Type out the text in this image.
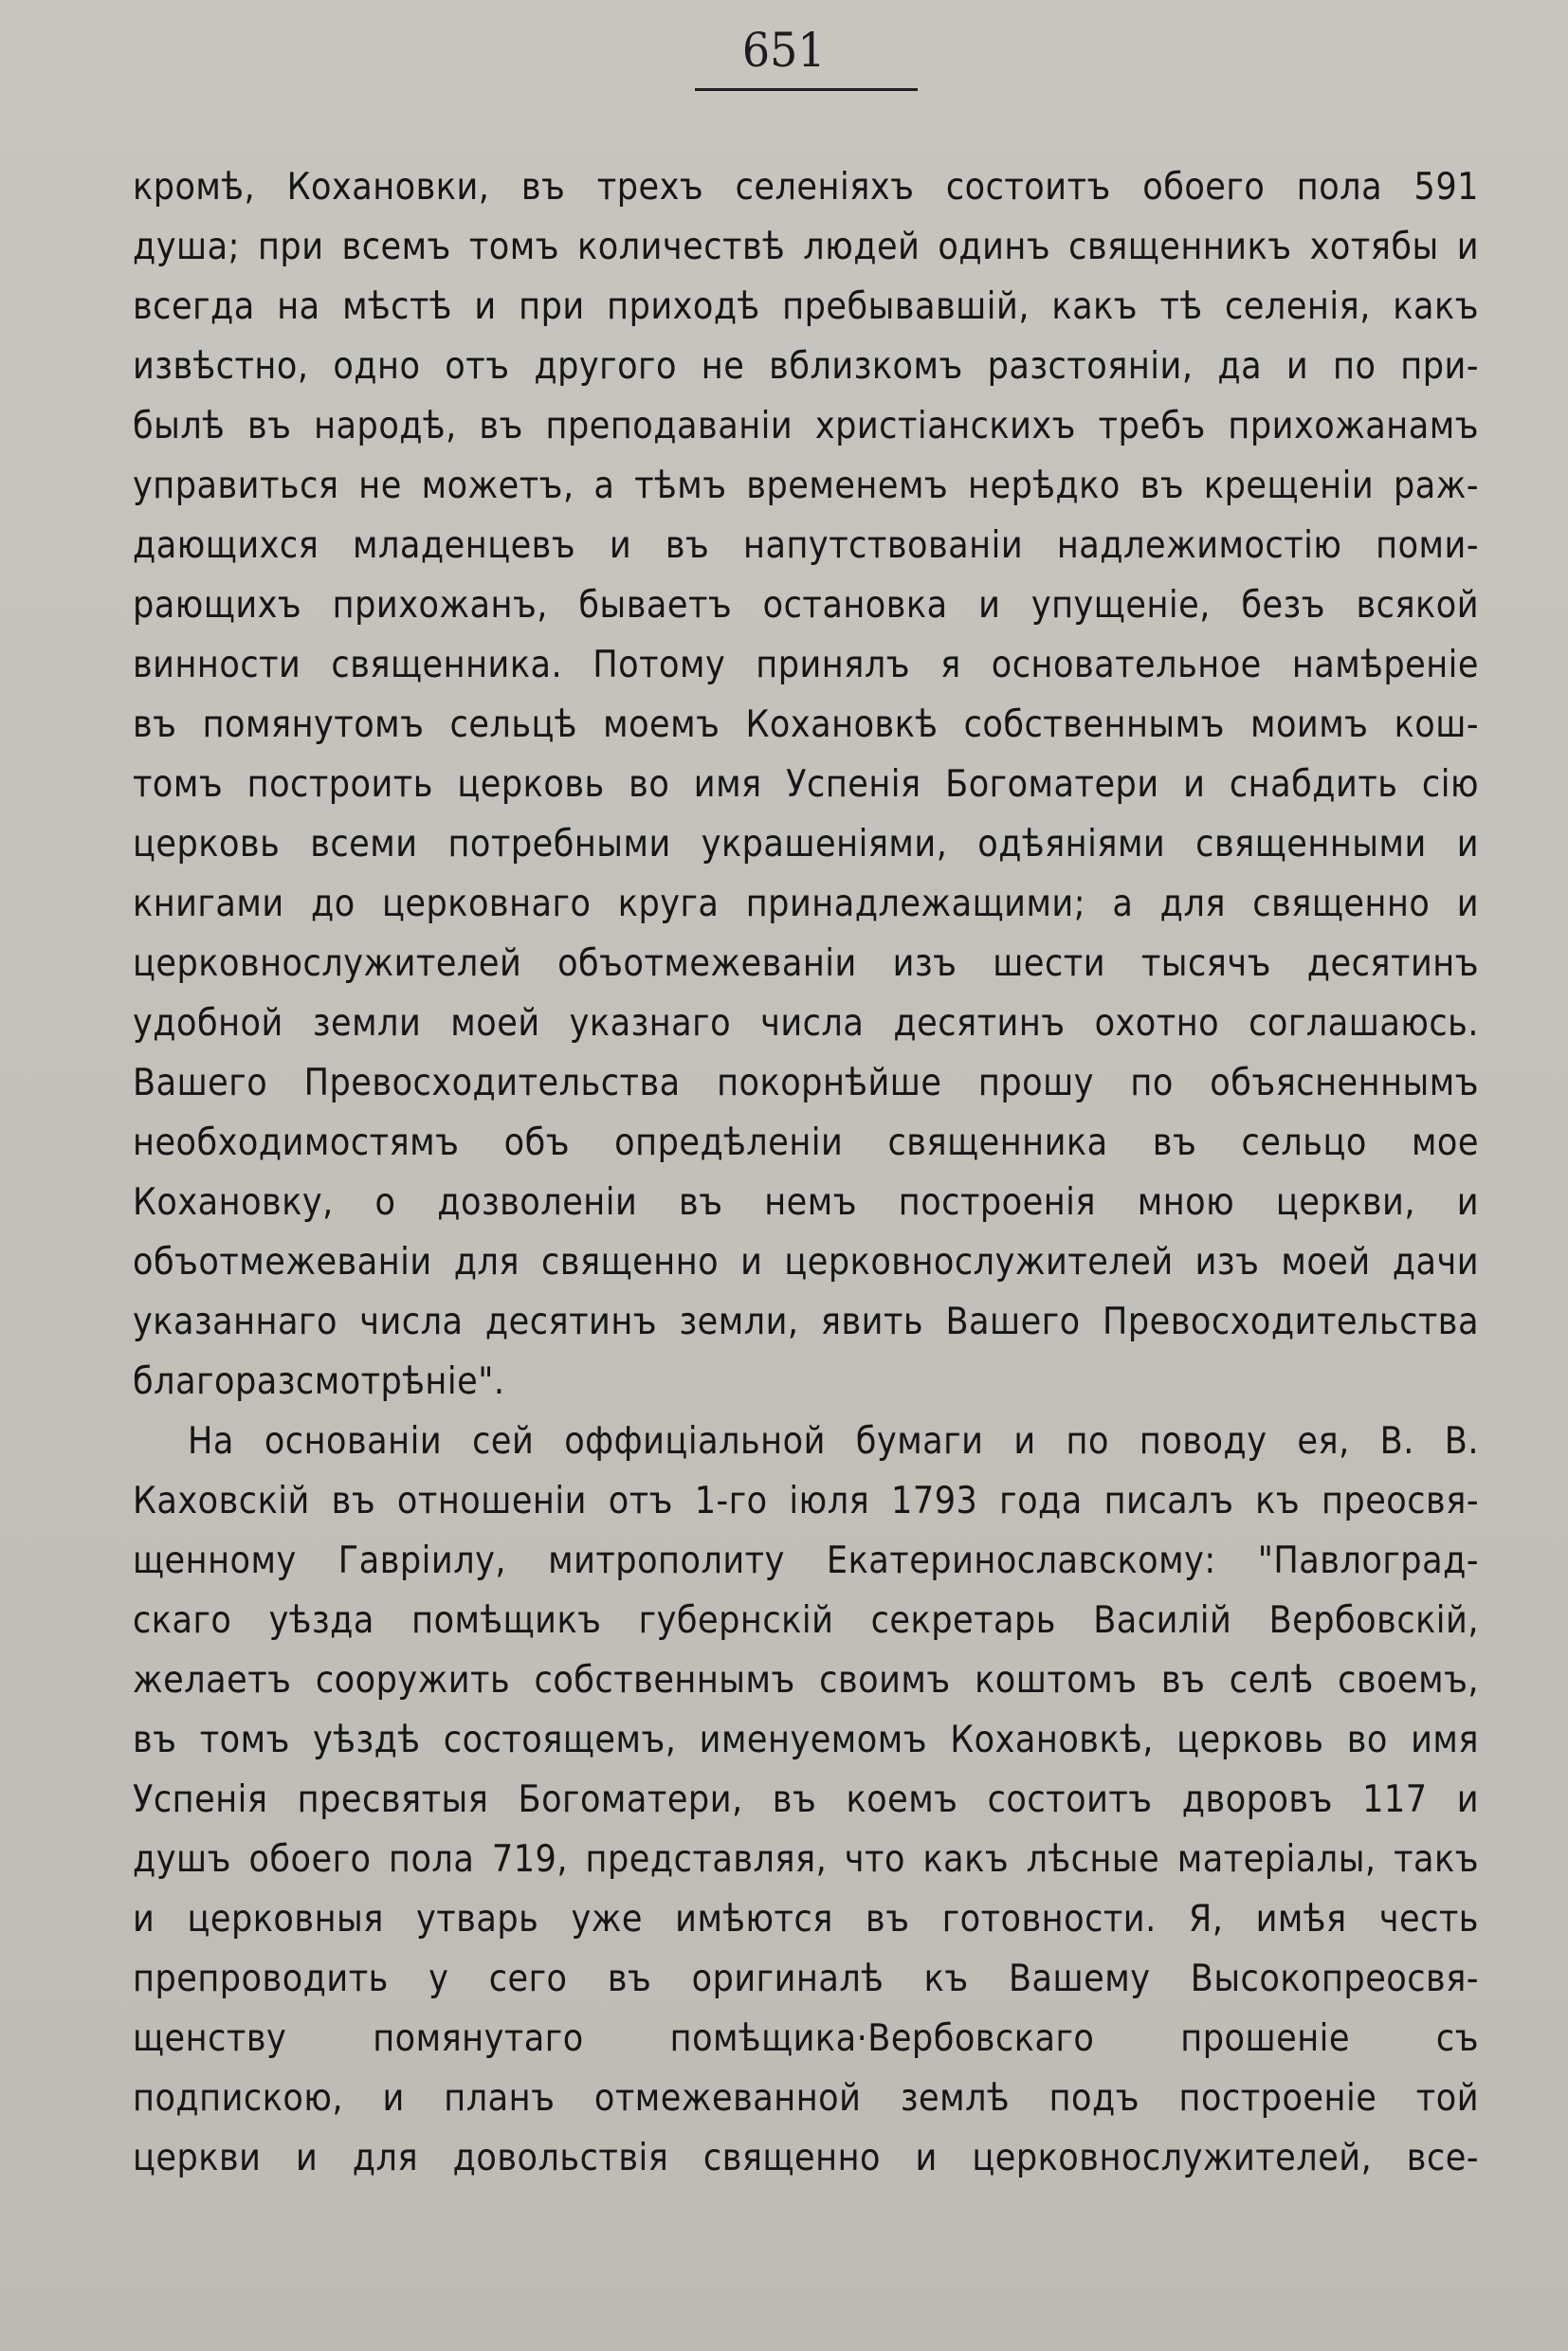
651
кромѣ, Кохановки, въ трехъ селеніяхъ состоитъ обоего пола 591
душа; при всемъ томъ количествѣ людей одинъ священникъ хотябы и
всегда на мѣстѣ и при приходѣ пребывавшій, какъ тѣ селенія, какъ
извѣстно, одно отъ другого не вблизкомъ разстояніи, да и по при-
былѣ въ народѣ, въ преподаваніи христіанскихъ требъ прихожанамъ
управиться не можетъ, а тѣмъ временемъ нерѣдко въ крещеніи раж-
дающихся младенцевъ и въ напутствованіи надлежимостію поми-
рающихъ прихожанъ, бываетъ остановка и упущеніе, безъ всякой
винности священника. Потому принялъ я основательное намѣреніе
въ помянутомъ сельцѣ моемъ Кохановкѣ собственнымъ моимъ кош-
томъ построить церковь во имя Успенія Богоматери и снабдить сію
церковь всеми потребными украшеніями, одѣяніями священными и
книгами до церковнаго круга принадлежащими; а для священно и
церковнослужителей объотмежеваніи изъ шести тысячъ десятинъ
удобной земли моей указнаго числа десятинъ охотно соглашаюсь.
Вашего Превосходительства покорнѣйше прошу по объясненнымъ
необходимостямъ объ опредѣленіи священника въ сельцо мое
Кохановку, о дозволеніи въ немъ построенія мною церкви, и
объотмежеваніи для священно и церковнослужителей изъ моей дачи
указаннаго числа десятинъ земли, явить Вашего Превосходительства
благоразсмотрѣніе".
На основаніи сей оффиціальной бумаги и по поводу ея, В. В.
Каховскій въ отношеніи отъ 1-го іюля 1793 года писалъ къ преосвя-
щенному Гавріилу, митрополиту Екатеринославскому: "Павлоград-
скаго уѣзда помѣщикъ губернскій секретарь Василій Вербовскій,
желаетъ соорyжить собственнымъ своимъ коштомъ въ селѣ своемъ,
въ томъ уѣздѣ состоящемъ, именуемомъ Кохановкѣ, церковь во имя
Успенія пресвятыя Богоматери, въ коемъ состоитъ дворовъ 117 и
душъ обоего пола 719, представляя, что какъ лѣсные матеріалы, такъ
и церковныя утварь уже имѣются въ готовности. Я, имѣя честь
препроводить у сего въ оригиналѣ къ Вашему Высокопреосвя-
щенству помянутаго помѣщика·Вербовскаго прошеніе съ
подпискою, и планъ отмежеванной землѣ подъ построеніе той
церкви и для довольствія священно и церковнослужителей, все-
